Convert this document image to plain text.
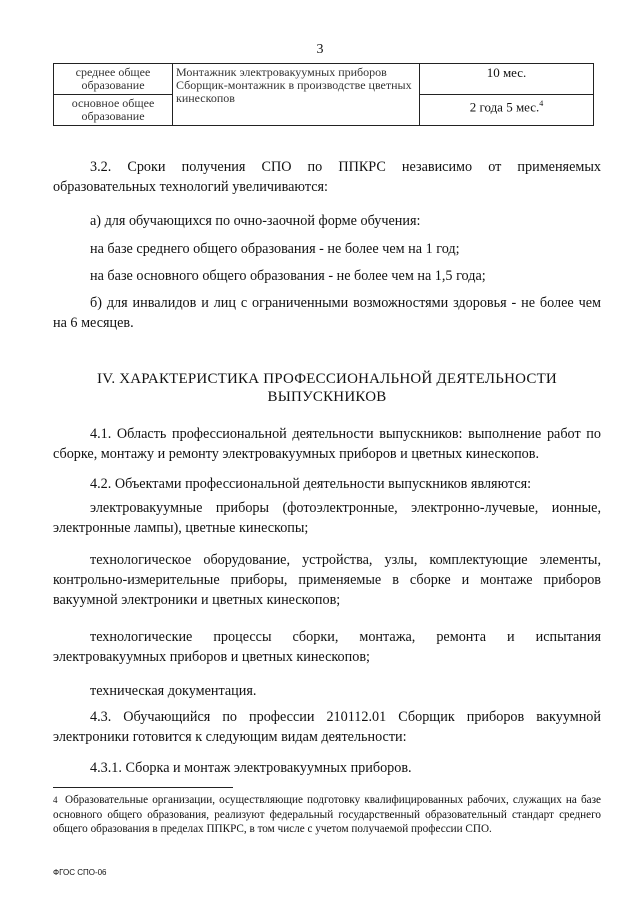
3
среднее общее образование	Монтажник электровакуумных приборов Сборщик-монтажник в производстве цветных кинескопов	10 мес.
основное общее образование		2 года 5 мес.$^4$

3.2. Сроки получения СПО по ППКРС независимо от применяемых образовательных технологий увеличиваются:

а) для обучающихся по очно-заочной форме обучения:

на базе среднего общего образования - не более чем на 1 год;

на базе основного общего образования - не более чем на 1,5 года;

б) для инвалидов и лиц с ограниченными возможностями здоровья - не более чем на 6 месяцев.

IV. ХАРАКТЕРИСТИКА ПРОФЕССИОНАЛЬНОЙ ДЕЯТЕЛЬНОСТИ
ВЫПУСКНИКОВ

4.1. Область профессиональной деятельности выпускников: выполнение работ по сборке, монтажу и ремонту электровакуумных приборов и цветных кинескопов.

4.2. Объектами профессиональной деятельности выпускников являются:

электровакуумные приборы (фотоэлектронные, электронно-лучевые, ионные, электронные лампы), цветные кинескопы;

технологическое оборудование, устройства, узлы, комплектующие элементы, контрольно-измерительные приборы, применяемые в сборке и монтаже приборов вакуумной электроники и цветных кинескопов;

технологические процессы сборки, монтажа, ремонта и испытания электровакуумных приборов и цветных кинескопов;

техническая документация.

4.3. Обучающийся по профессии 210112.01 Сборщик приборов вакуумной электроники готовится к следующим видам деятельности:

4.3.1. Сборка и монтаж электровакуумных приборов.

4 Образовательные организации, осуществляющие подготовку квалифицированных рабочих, служащих на базе основного общего образования, реализуют федеральный государственный образовательный стандарт среднего общего образования в пределах ППКРС, в том числе с учетом получаемой профессии СПО.
ФГОС СПО-06
